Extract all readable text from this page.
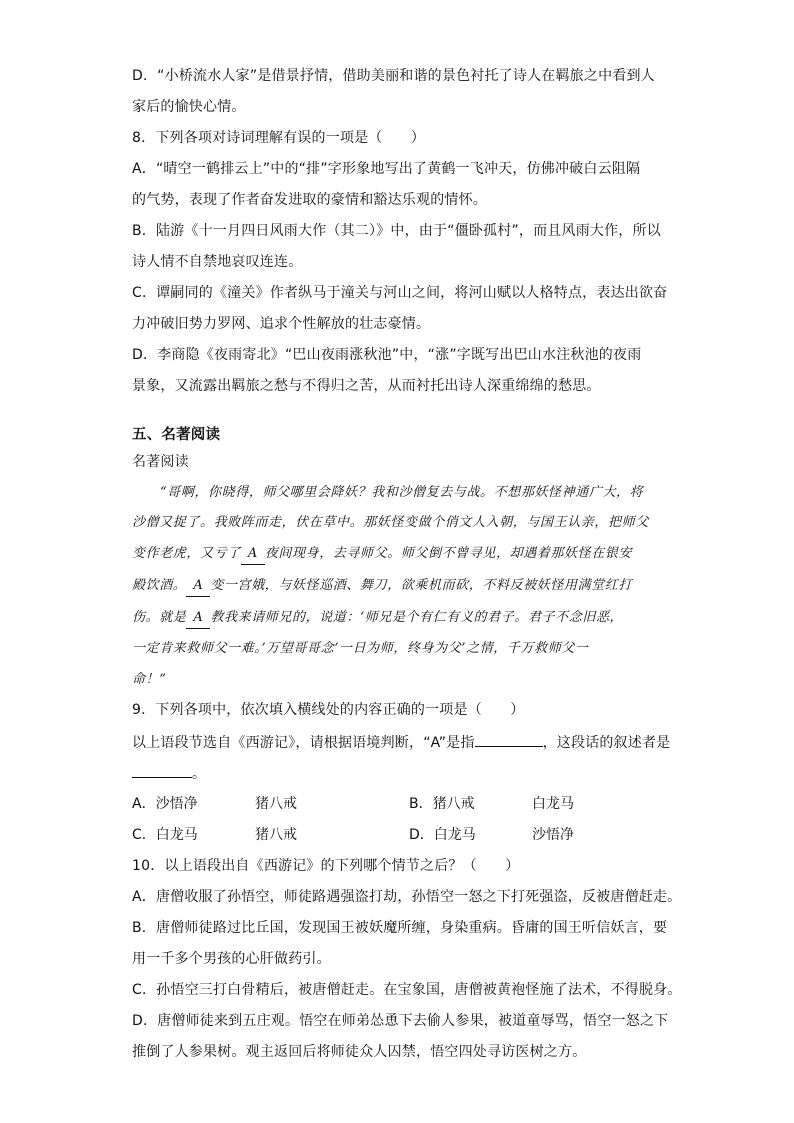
D．“小桥流水人家”是借景抒情，借助美丽和谐的景色衬托了诗人在羁旅之中看到人
家后的愉快心情。
8．下列各项对诗词理解有误的一项是（　　）
A．“晴空一鹤排云上”中的“排”字形象地写出了黄鹤一飞冲天，仿佛冲破白云阻隔
的气势，表现了作者奋发进取的豪情和豁达乐观的情怀。
B．陆游《十一月四日风雨大作（其二）》中，由于“僵卧孤村”，而且风雨大作，所以
诗人情不自禁地哀叹连连。
C．谭嗣同的《潼关》作者纵马于潼关与河山之间，将河山赋以人格特点，表达出欲奋
力冲破旧势力罗网、追求个性解放的壮志豪情。
D．李商隐《夜雨寄北》“巴山夜雨涨秋池”中，“涨”字既写出巴山水注秋池的夜雨
景象，又流露出羁旅之愁与不得归之苦，从而衬托出诗人深重绵绵的愁思。
五、名著阅读
名著阅读
“哥啊，你晓得，师父哪里会降妖？我和沙僧复去与战。不想那妖怪神通广大，将
沙僧又捉了。我败阵而走，伏在草中。那妖怪变做个俏文人入朝，与国王认亲，把师父
变作老虎，又亏了 A 夜间现身，去寻师父。师父倒不曾寻见，却遇着那妖怪在银安
殿饮酒。 A 变一宫娥，与妖怪巡酒、舞刀，欲乘机而砍，不料反被妖怪用满堂红打
伤。就是 A 教我来请师兄的，说道：‘师兄是个有仁有义的君子。君子不念旧恶，
一定肯来救师父一难。’万望哥哥念‘一日为师，终身为父’之情，千万救师父一
命！”
9．下列各项中，依次填入横线处的内容正确的一项是（　　）
以上语段节选自《西游记》，请根据语境判断，“A”是指	，这段话的叙述者是
。
A．沙悟净	猪八戒	B．猪八戒	白龙马
C．白龙马	猪八戒	D．白龙马	沙悟净
10．以上语段出自《西游记》的下列哪个情节之后？（　　）
A．唐僧收服了孙悟空，师徒路遇强盗打劫，孙悟空一怒之下打死强盗，反被唐僧赶走。
B．唐僧师徒路过比丘国，发现国王被妖魔所缠，身染重病。昏庸的国王听信妖言，要
用一千多个男孩的心肝做药引。
C．孙悟空三打白骨精后，被唐僧赶走。在宝象国，唐僧被黄袍怪施了法术，不得脱身。
D．唐僧师徒来到五庄观。悟空在师弟怂恿下去偷人参果，被道童辱骂，悟空一怒之下
推倒了人参果树。观主返回后将师徒众人囚禁，悟空四处寻访医树之方。
